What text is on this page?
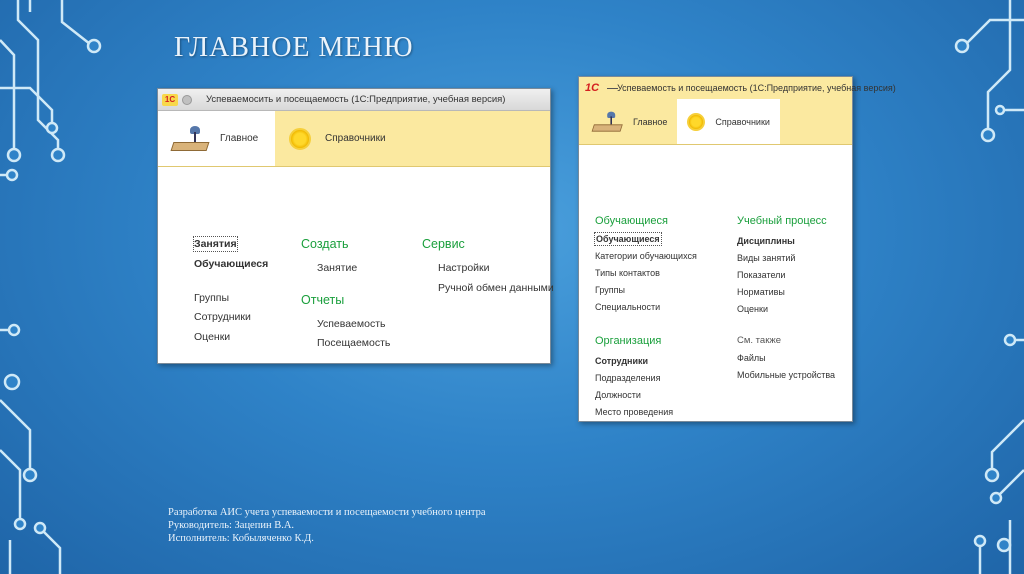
ГЛАВНОЕ МЕНЮ
1С	Успеваемосить и посещаемость (1С:Предприятие, учебная версия)
Главное	Справочники
Занятия
Обучающиеся
Группы
Сотрудники
Оценки
Создать
Занятие
Отчеты
Успеваемость
Посещаемость
Сервис
Настройки
Ручной обмен данными
1С Успеваемость и посещаемость (1С:Предприятие, учебная версия)
Главное	Справочники
Обучающиеся
Обучающиеся
Категории обучающихся
Типы контактов
Группы
Специальности
Учебный процесс
Дисциплины
Виды занятий
Показатели
Нормативы
Оценки
Организация
Сотрудники
Подразделения
Должности
Место проведения
См. также
Файлы
Мобильные устройства
Разработка АИС учета успеваемости и посещаемости учебного центра
Руководитель: Зацепин В.А.
Исполнитель: Кобыляченко К.Д.
